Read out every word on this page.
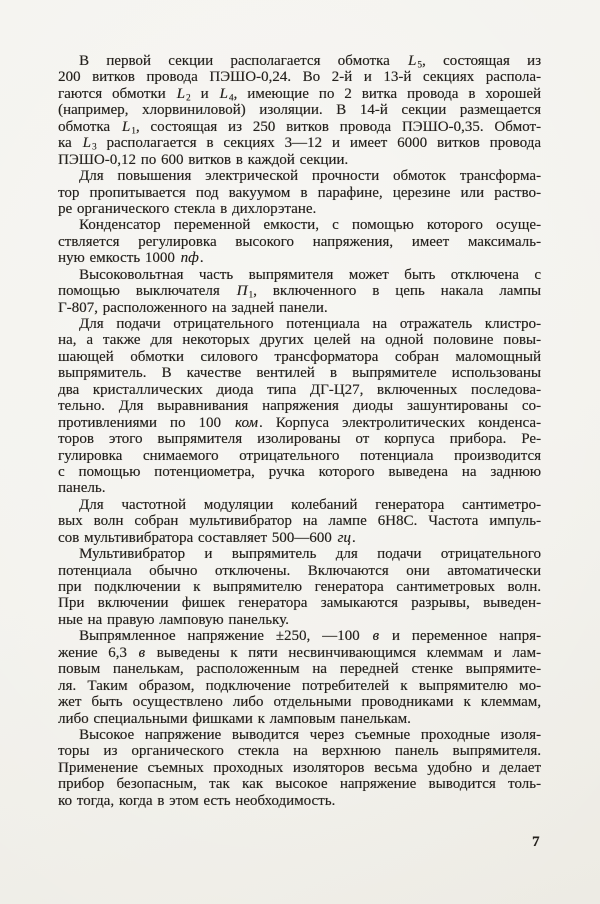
В первой секции располагается обмотка $L_5$, состоящая из
200 витков провода ПЭШО-0,24. Во 2-й и 13-й секциях распола-
гаются обмотки $L_2$ и $L_4$, имеющие по 2 витка провода в хорошей
(например, хлорвиниловой) изоляции. В 14-й секции размещается
обмотка $L_1$, состоящая из 250 витков провода ПЭШО-0,35. Обмот-
ка $L_3$ располагается в секциях 3—12 и имеет 6000 витков провода
ПЭШО-0,12 по 600 витков в каждой секции.

Для повышения электрической прочности обмоток трансформа-
тор пропитывается под вакуумом в парафине, церезине или раство-
ре органического стекла в дихлорэтане.

Конденсатор переменной емкости, с помощью которого осуще-
ствляется регулировка высокого напряжения, имеет максималь-
ную емкость 1000 пф.

Высоковольтная часть выпрямителя может быть отключена с
помощью выключателя $П_1$, включенного в цепь накала лампы
Г-807, расположенного на задней панели.

Для подачи отрицательного потенциала на отражатель клистро-
на, а также для некоторых других целей на одной половине повы-
шающей обмотки силового трансформатора собран маломощный
выпрямитель. В качестве вентилей в выпрямителе использованы
два кристаллических диода типа ДГ-Ц27, включенных последова-
тельно. Для выравнивания напряжения диоды зашунтированы со-
противлениями по 100 ком. Корпуса электролитических конденса-
торов этого выпрямителя изолированы от корпуса прибора. Ре-
гулировка снимаемого отрицательного потенциала производится
с помощью потенциометра, ручка которого выведена на заднюю
панель.

Для частотной модуляции колебаний генератора сантиметро-
вых волн собран мультивибратор на лампе 6Н8С. Частота импуль-
сов мультивибратора составляет 500—600 гц.

Мультивибратор и выпрямитель для подачи отрицательного
потенциала обычно отключены. Включаются они автоматически
при подключении к выпрямителю генератора сантиметровых волн.
При включении фишек генератора замыкаются разрывы, выведен-
ные на правую ламповую панельку.

Выпрямленное напряжение ±250, —100 в и переменное напря-
жение 6,3 в выведены к пяти несвинчивающимся клеммам и лам-
повым панелькам, расположенным на передней стенке выпрямите-
ля. Таким образом, подключение потребителей к выпрямителю мо-
жет быть осуществлено либо отдельными проводниками к клеммам,
либо специальными фишками к ламповым панелькам.

Высокое напряжение выводится через съемные проходные изоля-
торы из органического стекла на верхнюю панель выпрямителя.
Применение съемных проходных изоляторов весьма удобно и делает
прибор безопасным, так как высокое напряжение выводится толь-
ко тогда, когда в этом есть необходимость.

7
